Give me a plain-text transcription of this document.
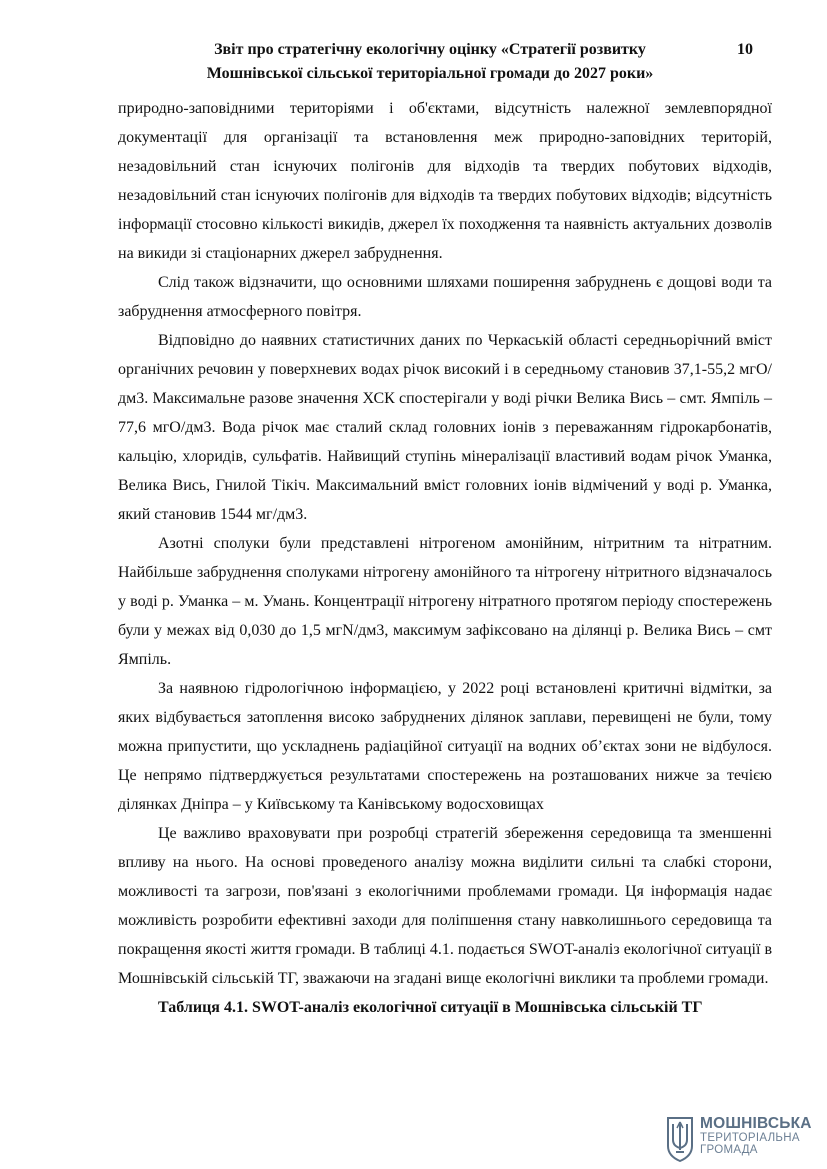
Звіт про стратегічну екологічну оцінку «Стратегії розвитку
Мошнівської сільської територіальної громади до 2027 роки»
10

природно-заповідними територіями і об'єктами, відсутність належної землевпорядної документації для організації та встановлення меж природно-заповідних територій, незадовільний стан існуючих полігонів для відходів та твердих побутових відходів, незадовільний стан існуючих полігонів для відходів та твердих побутових відходів; відсутність інформації стосовно кількості викидів, джерел їх походження та наявність актуальних дозволів на викиди зі стаціонарних джерел забруднення.

Слід також відзначити, що основними шляхами поширення забруднень є дощові води та забруднення атмосферного повітря.

Відповідно до наявних статистичних даних по Черкаській області середньорічний вміст органічних речовин у поверхневих водах річок високий і в середньому становив 37,1-55,2 мгО/дм3. Максимальне разове значення ХСК спостерігали у воді річки Велика Вись – смт. Ямпіль – 77,6 мгО/дм3. Вода річок має сталий склад головних іонів з переважанням гідрокарбонатів, кальцію, хлоридів, сульфатів. Найвищий ступінь мінералізації властивий водам річок Уманка, Велика Вись, Гнилой Тікіч. Максимальний вміст головних іонів відмічений у воді р. Уманка, який становив 1544 мг/дм3.

Азотні сполуки були представлені нітрогеном амонійним, нітритним та нітратним. Найбільше забруднення сполуками нітрогену амонійного та нітрогену нітритного відзначалось у воді р. Уманка – м. Умань. Концентрації нітрогену нітратного протягом періоду спостережень були у межах від 0,030 до 1,5 мгN/дм3, максимум зафіксовано на ділянці р. Велика Вись – смт Ямпіль.

За наявною гідрологічною інформацією, у 2022 році встановлені критичні відмітки, за яких відбувається затоплення високо забруднених ділянок заплави, перевищені не були, тому можна припустити, що ускладнень радіаційної ситуації на водних об’єктах зони не відбулося. Це непрямо підтверджується результатами спостережень на розташованих нижче за течією ділянках Дніпра – у Київському та Канівському водосховищах

Це важливо враховувати при розробці стратегій збереження середовища та зменшенні впливу на нього. На основі проведеного аналізу можна виділити сильні та слабкі сторони, можливості та загрози, пов'язані з екологічними проблемами громади. Ця інформація надає можливість розробити ефективні заходи для поліпшення стану навколишнього середовища та покращення якості життя громади. В таблиці 4.1. подається SWOT-аналіз екологічної ситуації в Мошнівській сільській ТГ, зважаючи на згадані вище екологічні виклики та проблеми громади.

Таблиця 4.1. SWOT-аналіз екологічної ситуації в Мошнівська сільській ТГ

МОШНІВСЬКА
ТЕРИТОРІАЛЬНА
ГРОМАДА
